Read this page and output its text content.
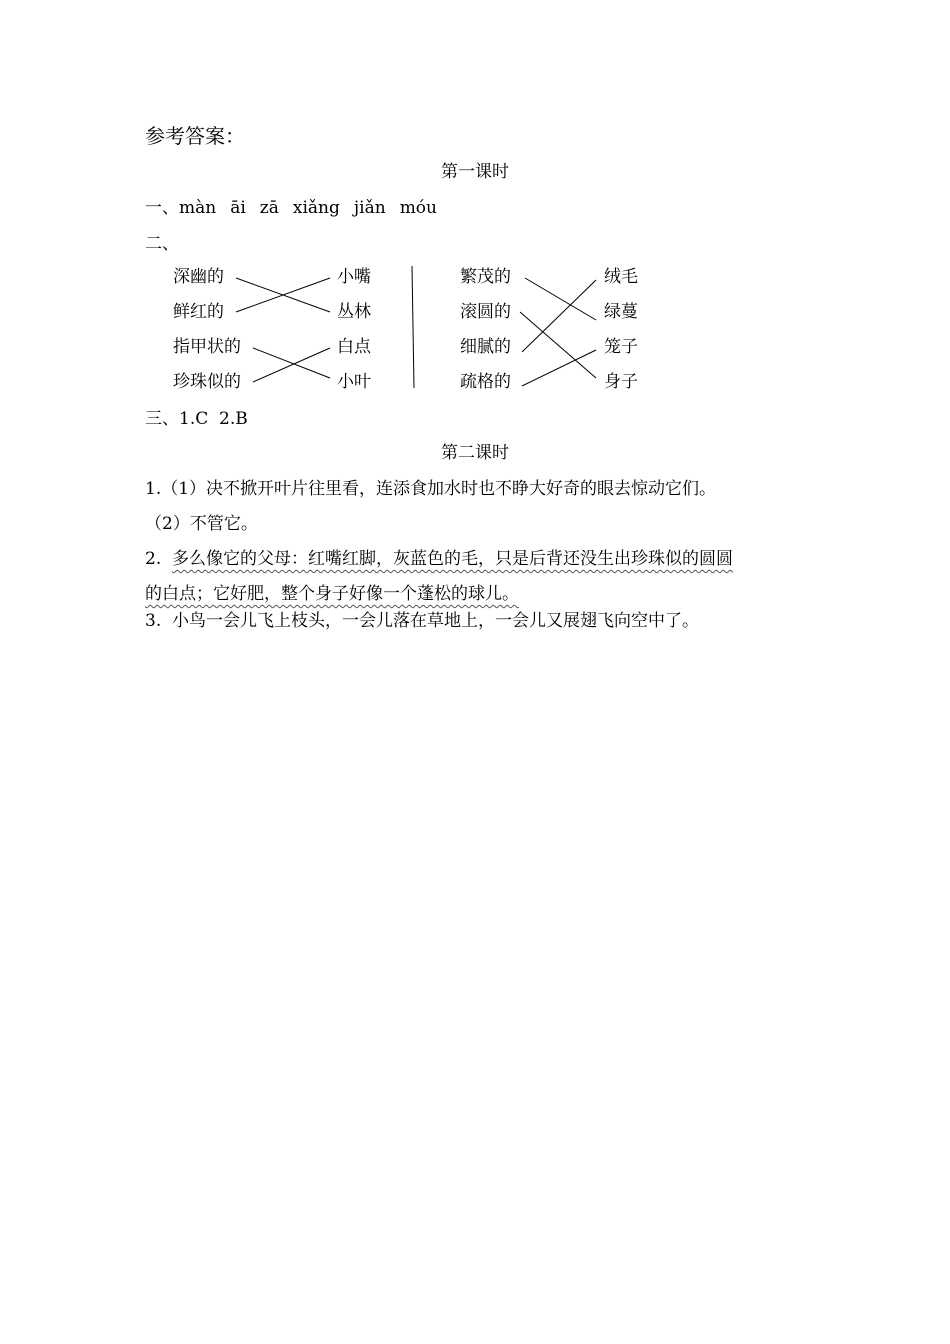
参考答案：
第一课时
一、màn āi zā xiǎng jiǎn móu
二、
深幽的
鲜红的
指甲状的
珍珠似的
小嘴
丛林
白点
小叶
繁茂的
滚圆的
细腻的
疏格的
绒毛
绿蔓
笼子
身子
三、1.C  2.B
第二课时
1.（1）决不掀开叶片往里看，连添食加水时也不睁大好奇的眼去惊动它们。
（2）不管它。
2.  多么像它的父母：红嘴红脚，灰蓝色的毛，只是后背还没生出珍珠似的圆圆
的白点；它好肥，整个身子好像一个蓬松的球儿。
3.  小鸟一会儿飞上枝头，一会儿落在草地上，一会儿又展翅飞向空中了。
